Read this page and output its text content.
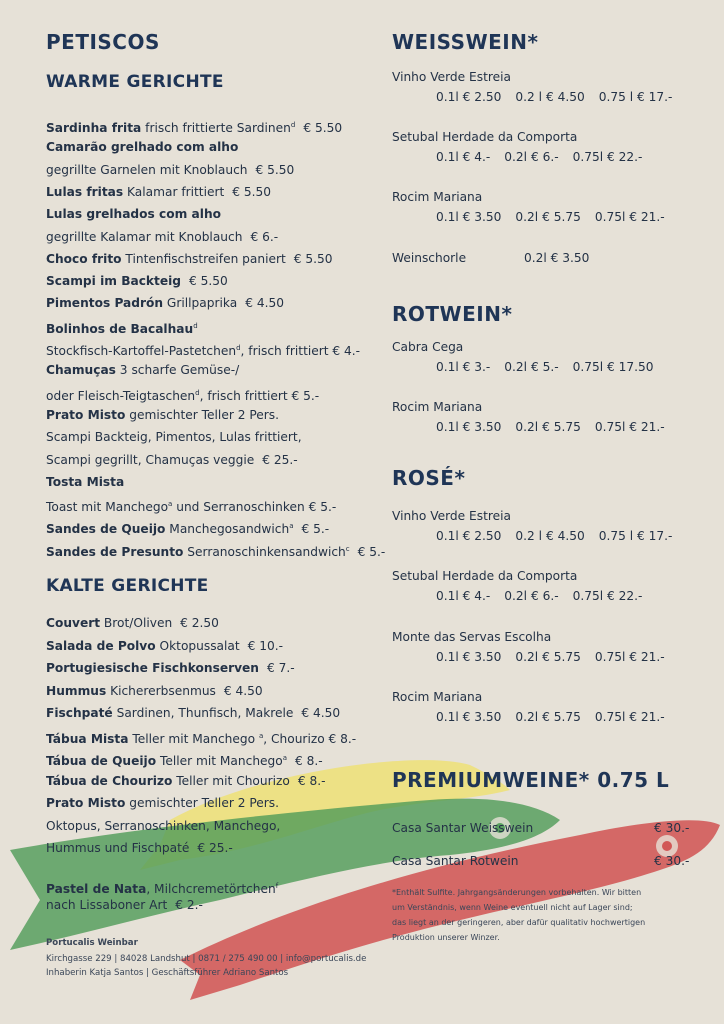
PETISCOS
WARME GERICHTE
Sardinha frita frisch frittierte Sardinen$^d$ € 5.50
Camarão grelhado com alho
gegrillte Garnelen mit Knoblauch € 5.50
Lulas fritas Kalamar frittiert € 5.50
Lulas grelhados com alho
gegrillte Kalamar mit Knoblauch € 6.-
Choco frito Tintenfischstreifen paniert € 5.50
Scampi im Backteig € 5.50
Pimentos Padrón Grillpaprika € 4.50
Bolinhos de Bacalhau$^d$
Stockfisch-Kartoffel-Pastetchen$^d$, frisch frittiert € 4.-
Chamuças 3 scharfe Gemüse-/
oder Fleisch-Teigtaschen$^d$, frisch frittiert € 5.-
Prato Misto gemischter Teller 2 Pers.
Scampi Backteig, Pimentos, Lulas frittiert,
Scampi gegrillt, Chamuças veggie € 25.-
Tosta Mista
Toast mit Manchego$^a$ und Serranoschinken € 5.-
Sandes de Queijo Manchegosandwich$^a$ € 5.-
Sandes de Presunto Serranoschinkensandwich$^c$ € 5.-
KALTE GERICHTE
Couvert Brot/Oliven € 2.50
Salada de Polvo Oktopussalat € 10.-
Portugiesische Fischkonserven € 7.-
Hummus Kichererbsenmus € 4.50
Fischpaté Sardinen, Thunfisch, Makrele € 4.50
Tábua Mista Teller mit Manchego $^a$, Chourizo € 8.-
Tábua de Queijo Teller mit Manchego$^a$ € 8.-
Tábua de Chourizo Teller mit Chourizo € 8.-
Prato Misto gemischter Teller 2 Pers.
Oktopus, Serranoschinken, Manchego,
Hummus und Fischpaté € 25.-
Pastel de Nata, Milchcremetörtchen$^f$
nach Lissaboner Art € 2.-
Portucalis Weinbar
Kirchgasse 229 | 84028 Landshut | 0871 / 275 490 00 | info@portucalis.de
Inhaberin Katja Santos | Geschäftsführer Adriano Santos
WEISSWEIN*
Vinho Verde Estreia
0.1l € 2.50 0.2 l € 4.50 0.75 l € 17.-
Setubal Herdade da Comporta
0.1l € 4.- 0.2l € 6.- 0.75l € 22.-
Rocim Mariana
0.1l € 3.50 0.2l € 5.75 0.75l € 21.-
Weinschorle	0.2l € 3.50
ROTWEIN*
Cabra Cega
0.1l € 3.- 0.2l € 5.- 0.75l € 17.50
Rocim Mariana
0.1l € 3.50 0.2l € 5.75 0.75l € 21.-
ROSÉ*
Vinho Verde Estreia
0.1l € 2.50 0.2 l € 4.50 0.75 l € 17.-
Setubal Herdade da Comporta
0.1l € 4.- 0.2l € 6.- 0.75l € 22.-
Monte das Servas Escolha
0.1l € 3.50 0.2l € 5.75 0.75l € 21.-
Rocim Mariana
0.1l € 3.50 0.2l € 5.75 0.75l € 21.-
PREMIUMWEINE* 0.75 L
Casa Santar Weisswein	€ 30.-
Casa Santar Rotwein	€ 30.-
*Enthält Sulfite. Jahrgangsänderungen vorbehalten. Wir bitten
um Verständnis, wenn Weine eventuell nicht auf Lager sind;
das liegt an der geringeren, aber dafür qualitativ hochwertigen
Produktion unserer Winzer.
